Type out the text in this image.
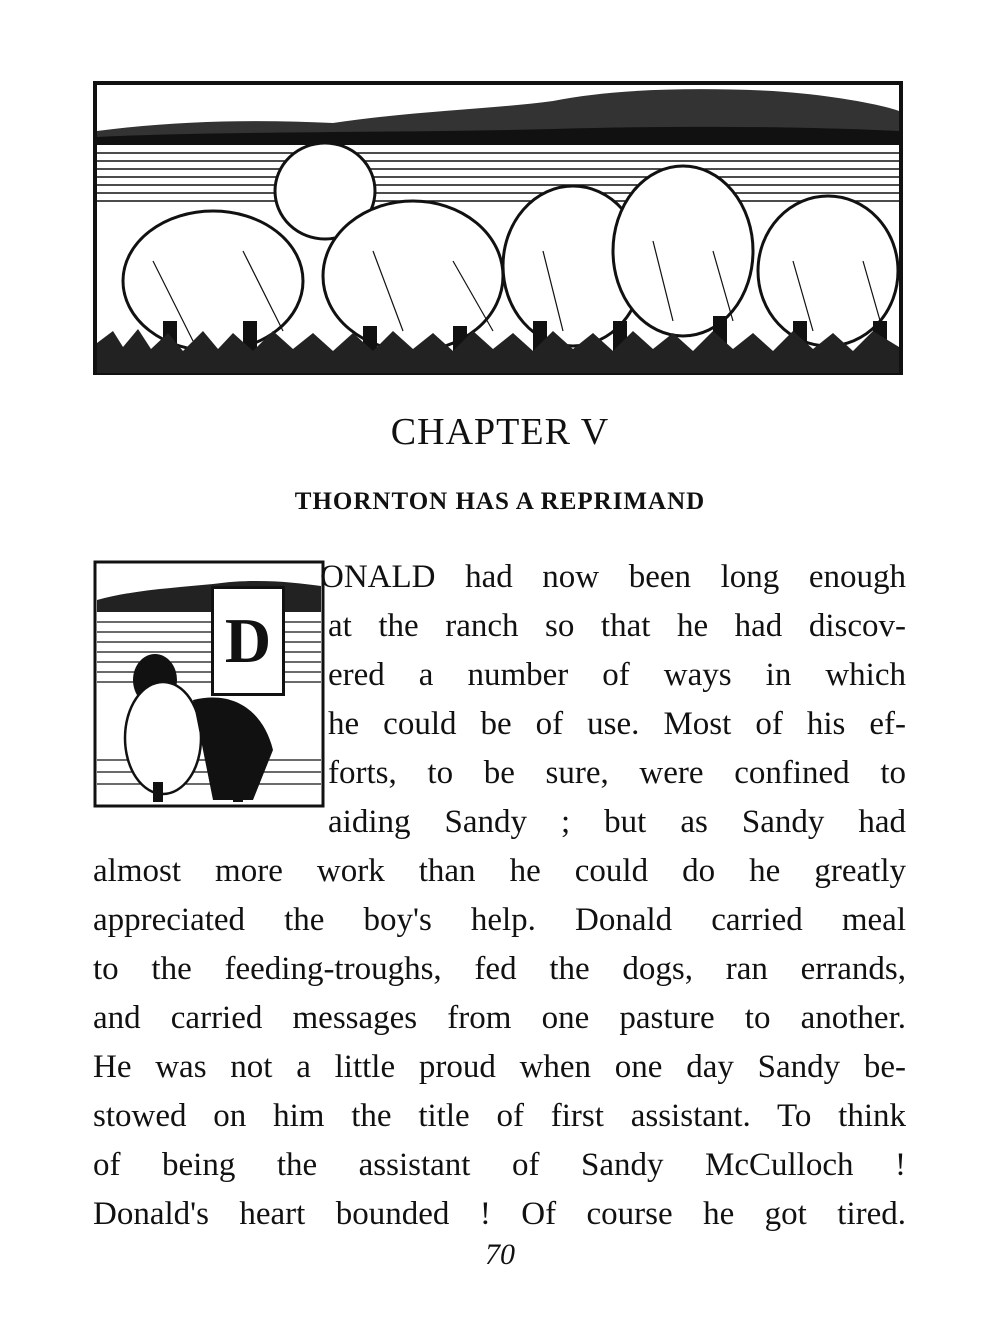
CHAPTER V
THORNTON HAS A REPRIMAND
D
ONALD had now been long enough
at the ranch so that he had discov-
ered a number of ways in which
he could be of use. Most of his ef-
forts, to be sure, were confined to
aiding Sandy ; but as Sandy had
almost more work than he could do he greatly
appreciated the boy's help. Donald carried meal
to the feeding-troughs, fed the dogs, ran errands,
and carried messages from one pasture to another.
He was not a little proud when one day Sandy be-
stowed on him the title of first assistant. To think
of being the assistant of Sandy McCulloch !
Donald's heart bounded ! Of course he got tired.
70
